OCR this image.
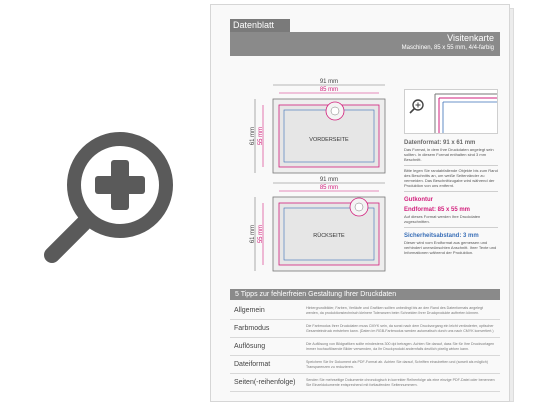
Datenblatt
Visitenkarte
Maschinen, 85 x 55 mm, 4/4-farbig
91 mm
85 mm
61 mm 55 mm	VORDERSEITE
91 mm
85 mm
61 mm 55 mm	RÜCKSEITE
Datenformat: 91 x 61 mm

Das Format, in dem Ihre Druckdaten angelegt sein sollten. In diesem Format enthalten sind 3 mm Beschnitt.

Bitte legen Sie randabfallende Objekte bis zum Rand des Beschnitts an, um weiße Seitenränder zu vermeiden. Das Beschnittzugabe wird während der Produktion von uns entfernt.

Gutkontur
Endformat: 85 x 55 mm

Auf dieses Format werden Ihre Druckdaten zugeschnitten.

Sicherheitsabstand: 3 mm

Dieser wird vom Endformat aus gemessen und verhindert unerwünschten Anschnitt. Ihrer Texte und Informationen während der Produktion.

5 Tipps zur fehlerfreien Gestaltung Ihrer Druckdaten
Allgemein	Hintergrundbilder, Farben, Verläufe und Grafiken sollten unbedingt bis an den Rand des Datenformats angelegt werden, da produktionstechnisch kleinere Toleranzen beim Schneiden Ihrer Druckprodukte auftreten können.
Farbmodus	Die Farbmodus Ihrer Druckdaten muss CMYK sein, da sonst nach dem Druckvorgang ein leicht veränderter, optischer Gesamteindruck entstehen kann. (Daten im RGB-Farbmodus werden automatisch durch uns nach CMYK konvertiert.)
Auflösung	Die Auflösung von Bildgrafiken sollte mindestens 300 dpi betragen. Achten Sie darauf, dass Sie für Ihre Druckvorlagen immer hochauflösende Bilder verwenden, da Ihr Druckprodukt andernfalls deutlich pixelig wirken kann.
Dateiformat	Speichern Sie Ihr Dokument als PDF-Format ab. Achten Sie darauf, Schriften einzubetten und (soweit als möglich) Transparenzen zu reduzieren.
Seiten(-reihenfolge)	Senden Sie mehrseitige Dokumente chronologisch in korrekter Reihenfolge als eine einzige PDF-Datei oder benennen Sie Einzeldokumente entsprechend mit fortlaufenden Seitennummern.
